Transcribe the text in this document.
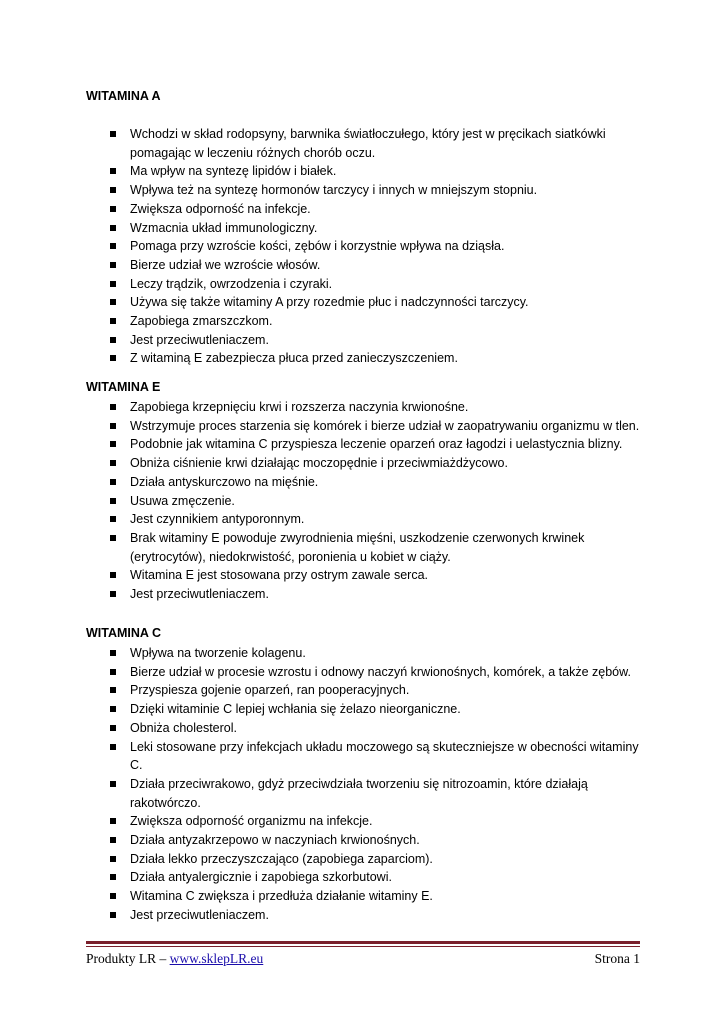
WITAMINA A
Wchodzi w skład rodopsyny, barwnika światłoczułego, który jest w pręcikach siatkówki pomagając w leczeniu różnych chorób oczu.
Ma wpływ na syntezę lipidów i białek.
Wpływa też na syntezę hormonów tarczycy i innych w mniejszym stopniu.
Zwiększa odporność na infekcje.
Wzmacnia układ immunologiczny.
Pomaga przy wzroście kości, zębów i korzystnie wpływa na dziąsła.
Bierze udział we wzroście włosów.
Leczy trądzik, owrzodzenia i czyraki.
Używa się także witaminy A przy rozedmie płuc i nadczynności tarczycy.
Zapobiega zmarszczkom.
Jest przeciwutleniaczem.
Z witaminą E zabezpiecza płuca przed zanieczyszczeniem.
WITAMINA E
Zapobiega krzepnięciu krwi i rozszerza naczynia krwionośne.
Wstrzymuje proces starzenia się komórek i bierze udział w zaopatrywaniu organizmu w tlen.
Podobnie jak witamina C przyspiesza leczenie oparzeń oraz łagodzi i uelastycznia blizny.
Obniża ciśnienie krwi działając moczopędnie i przeciwmiażdżycowo.
Działa antyskurczowo na mięśnie.
Usuwa zmęczenie.
Jest czynnikiem antyporonnym.
Brak witaminy E powoduje zwyrodnienia mięśni, uszkodzenie czerwonych krwinek (erytrocytów), niedokrwistość, poronienia u kobiet w ciąży.
Witamina E jest stosowana przy ostrym zawale serca.
Jest przeciwutleniaczem.
WITAMINA C
Wpływa na tworzenie kolagenu.
Bierze udział w procesie wzrostu i odnowy naczyń krwionośnych, komórek, a także zębów.
Przyspiesza gojenie oparzeń, ran pooperacyjnych.
Dzięki witaminie C lepiej wchłania się żelazo nieorganiczne.
Obniża cholesterol.
Leki stosowane przy infekcjach układu moczowego są skuteczniejsze w obecności witaminy C.
Działa przeciwrakowo, gdyż przeciwdziała tworzeniu się nitrozoamin, które działają rakotwórczo.
Zwiększa odporność organizmu na infekcje.
Działa antyzakrzepowo w naczyniach krwionośnych.
Działa lekko przeczyszczająco (zapobiega zaparciom).
Działa antyalergicznie i zapobiega szkorbutowi.
Witamina C zwiększa i przedłuża działanie witaminy E.
Jest przeciwutleniaczem.
Produkty LR – www.sklepLR.eu	Strona 1
